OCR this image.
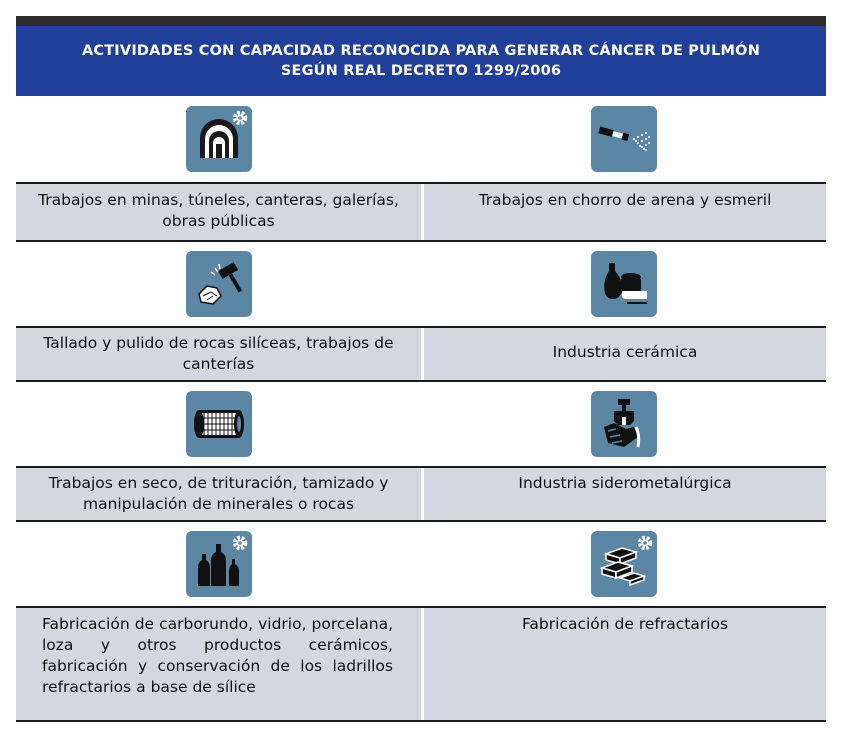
ACTIVIDADES CON CAPACIDAD RECONOCIDA PARA GENERAR CÁNCER DE PULMÓN
SEGÚN REAL DECRETO 1299/2006
Trabajos en minas, túneles, canteras, galerías, obras públicas
Trabajos en chorro de arena y esmeril
Tallado y pulido de rocas silíceas, trabajos de canterías
Industria cerámica
Trabajos en seco, de trituración, tamizado y manipulación de minerales o rocas
Industria siderometalúrgica
Fabricación de carborundo, vidrio, porcelana, loza y otros productos cerámicos, fabricación y conservación de los ladrillos refractarios a base de sílice
Fabricación de refractarios
